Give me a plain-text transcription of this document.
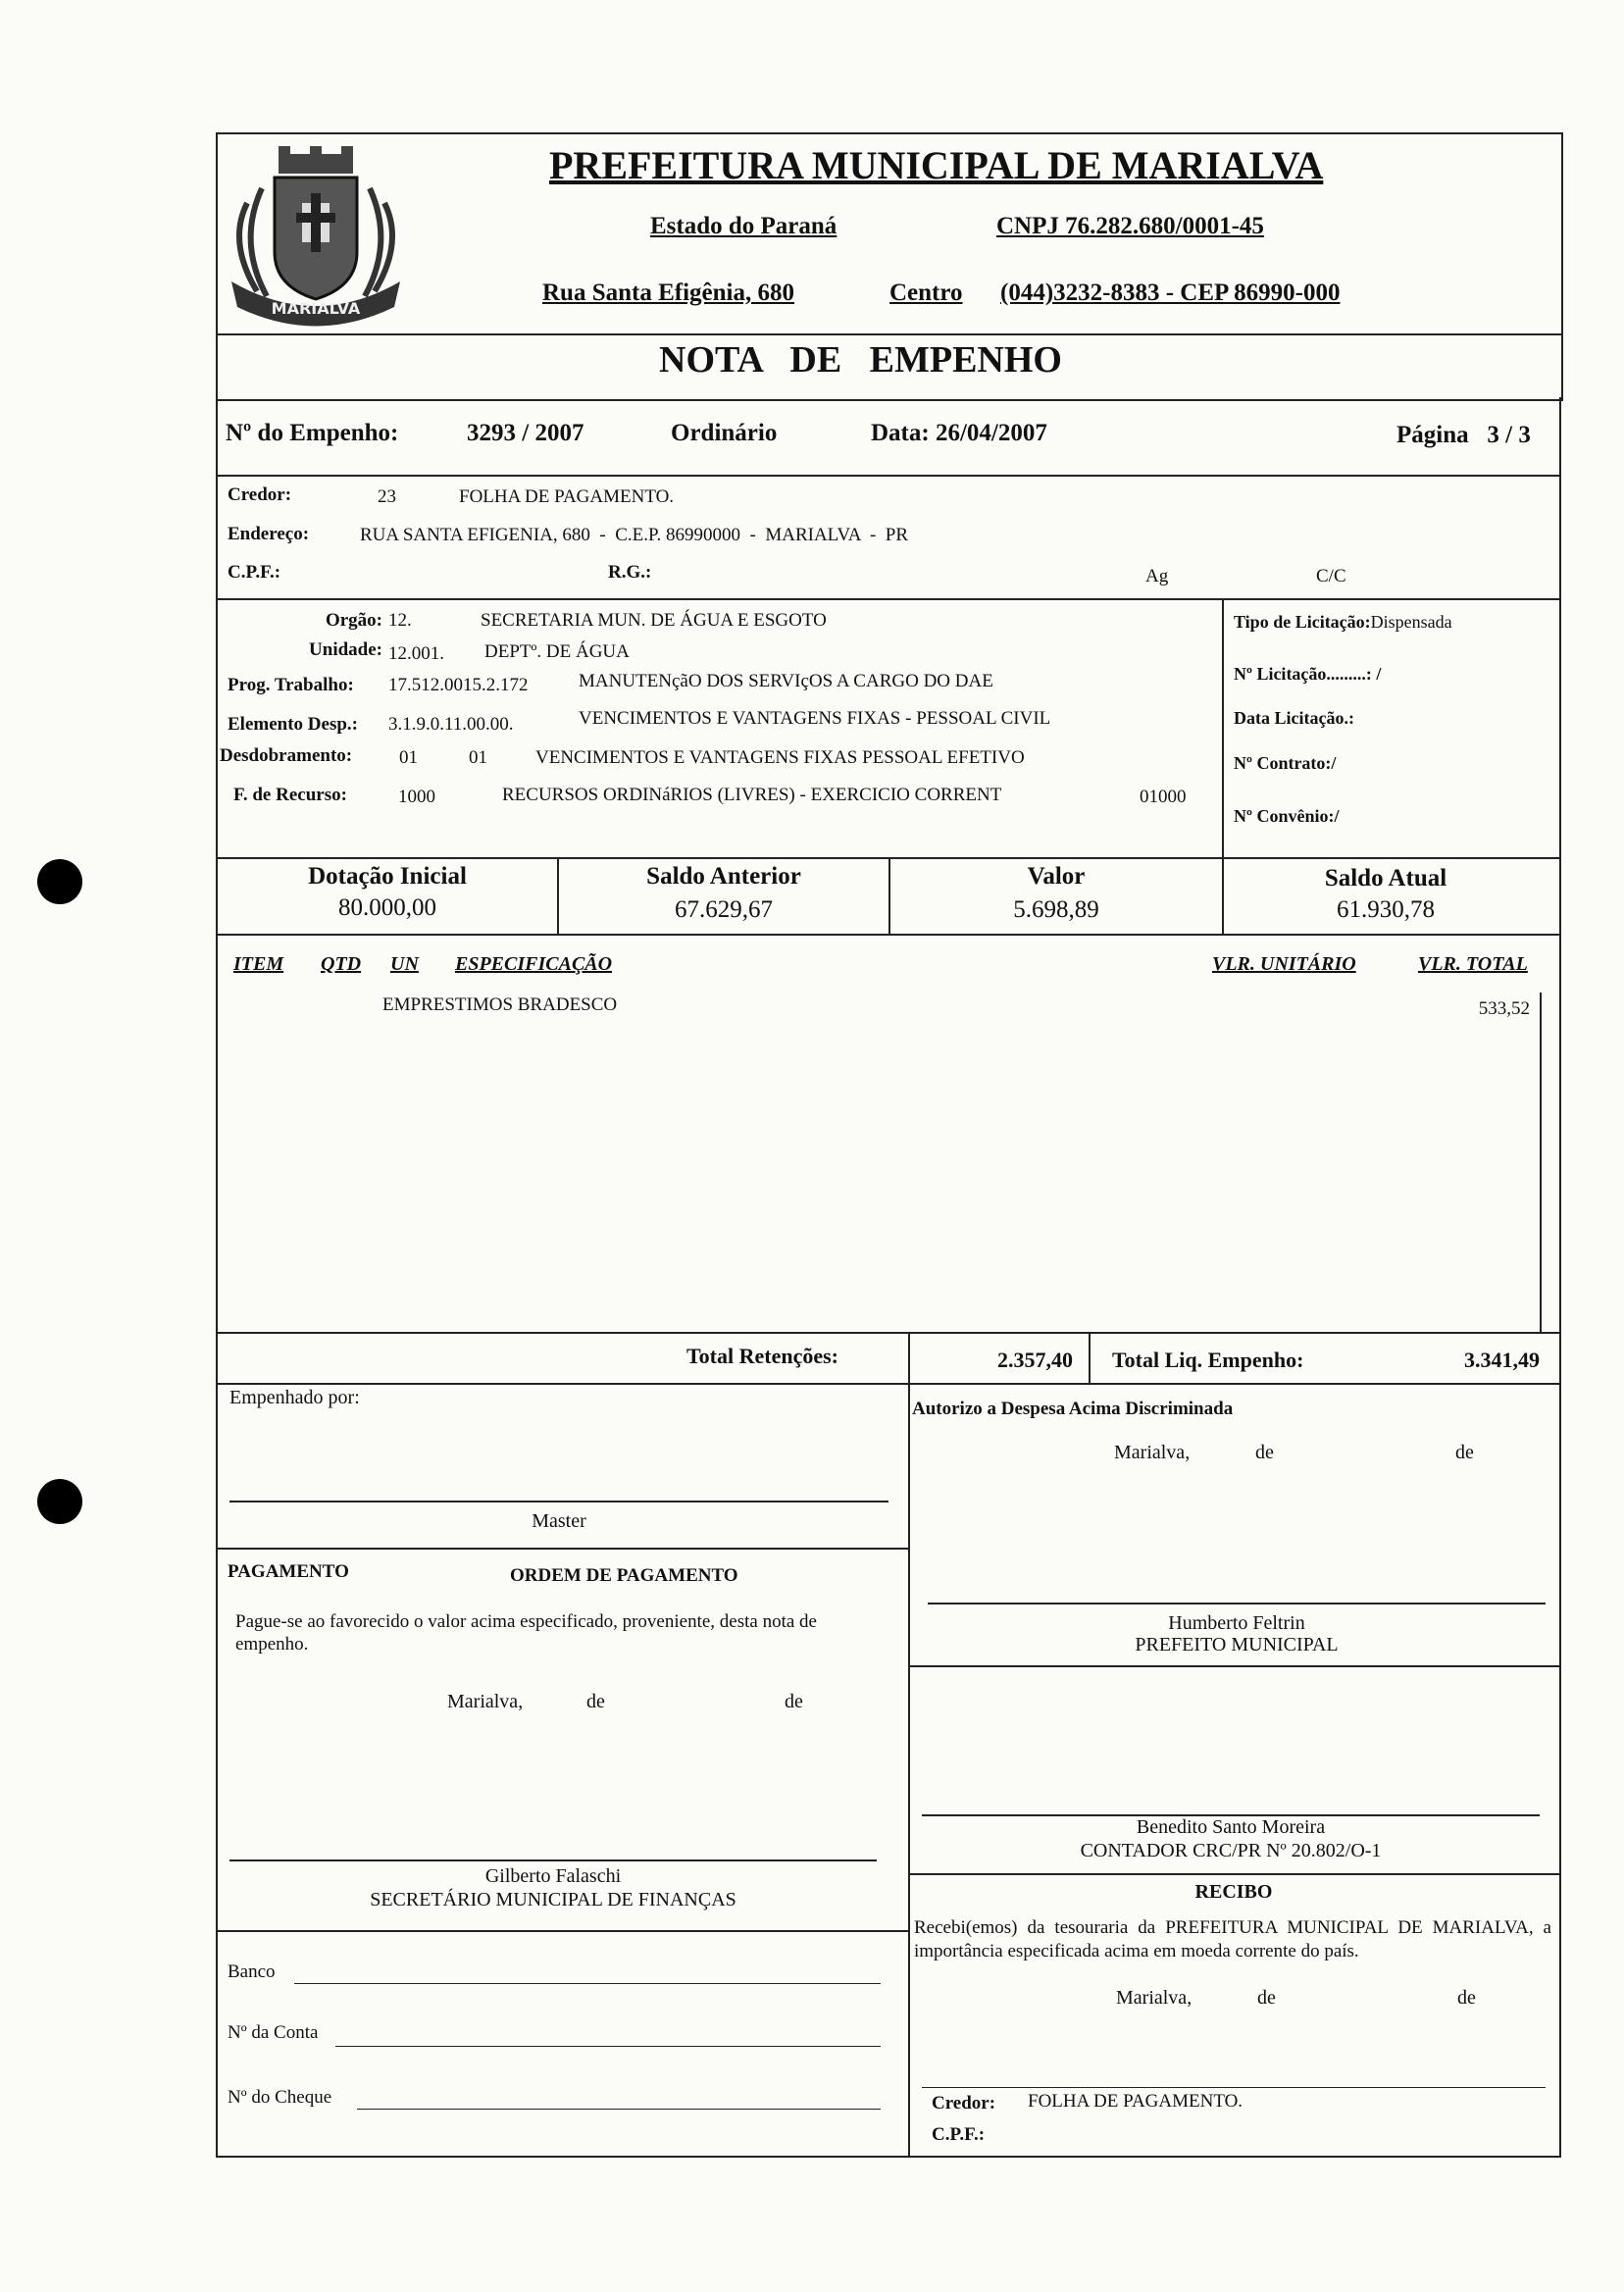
MARIALVA
PREFEITURA MUNICIPAL DE MARIALVA
Estado do Paraná	CNPJ 76.282.680/0001-45
Rua Santa Efigênia, 680	Centro (044)3232-8383 - CEP 86990-000
NOTA   DE   EMPENHO
Nº do Empenho:	3293 / 2007	Ordinário	Data: 26/04/2007	Página   3 / 3
Credor:	23	FOLHA DE PAGAMENTO.
Endereço:	RUA SANTA EFIGENIA, 680  -  C.E.P. 86990000  -  MARIALVA  -  PR
C.P.F.:	R.G.:	Ag	C/C
Orgão: 12.	SECRETARIA MUN. DE ÁGUA E ESGOTO
Unidade: 12.001. DEPTº. DE ÁGUA
Prog. Trabalho: 17.512.0015.2.172	MANUTENçãO DOS SERVIçOS A CARGO DO DAE
Elemento Desp.: 3.1.9.0.11.00.00.	VENCIMENTOS E VANTAGENS FIXAS - PESSOAL CIVIL
Desdobramento:	01	01	VENCIMENTOS E VANTAGENS FIXAS PESSOAL EFETIVO
F. de Recurso:	1000	RECURSOS ORDINáRIOS (LIVRES) - EXERCICIO CORRENT	01000
Tipo de Licitação:Dispensada
Nº Licitação.........: /
Data Licitação.:
Nº Contrato:/
Nº Convênio:/
Dotação Inicial
80.000,00
Saldo Anterior
67.629,67
Valor
5.698,89
Saldo Atual
61.930,78
ITEM QTD UN ESPECIFICAÇÃO	VLR. UNITÁRIO	VLR. TOTAL
EMPRESTIMOS BRADESCO	533,52
Total Retenções:	2.357,40 Total Liq. Empenho:	3.341,49
Empenhado por:
Master
PAGAMENTO	ORDEM DE PAGAMENTO
Pague-se ao favorecido o valor acima especificado, proveniente, desta nota de empenho.
Marialva,	de	de
Gilberto Falaschi
SECRETÁRIO MUNICIPAL DE FINANÇAS
Banco
Nº da Conta
Nº do Cheque
Autorizo a Despesa Acima Discriminada
Marialva,	de	de
Humberto Feltrin
PREFEITO MUNICIPAL
Benedito Santo Moreira
CONTADOR CRC/PR Nº 20.802/O-1
RECIBO
Recebi(emos) da tesouraria da PREFEITURA MUNICIPAL DE MARIALVA, a importância especificada acima em moeda corrente do país.
Marialva,	de	de
Credor: FOLHA DE PAGAMENTO.
C.P.F.:
